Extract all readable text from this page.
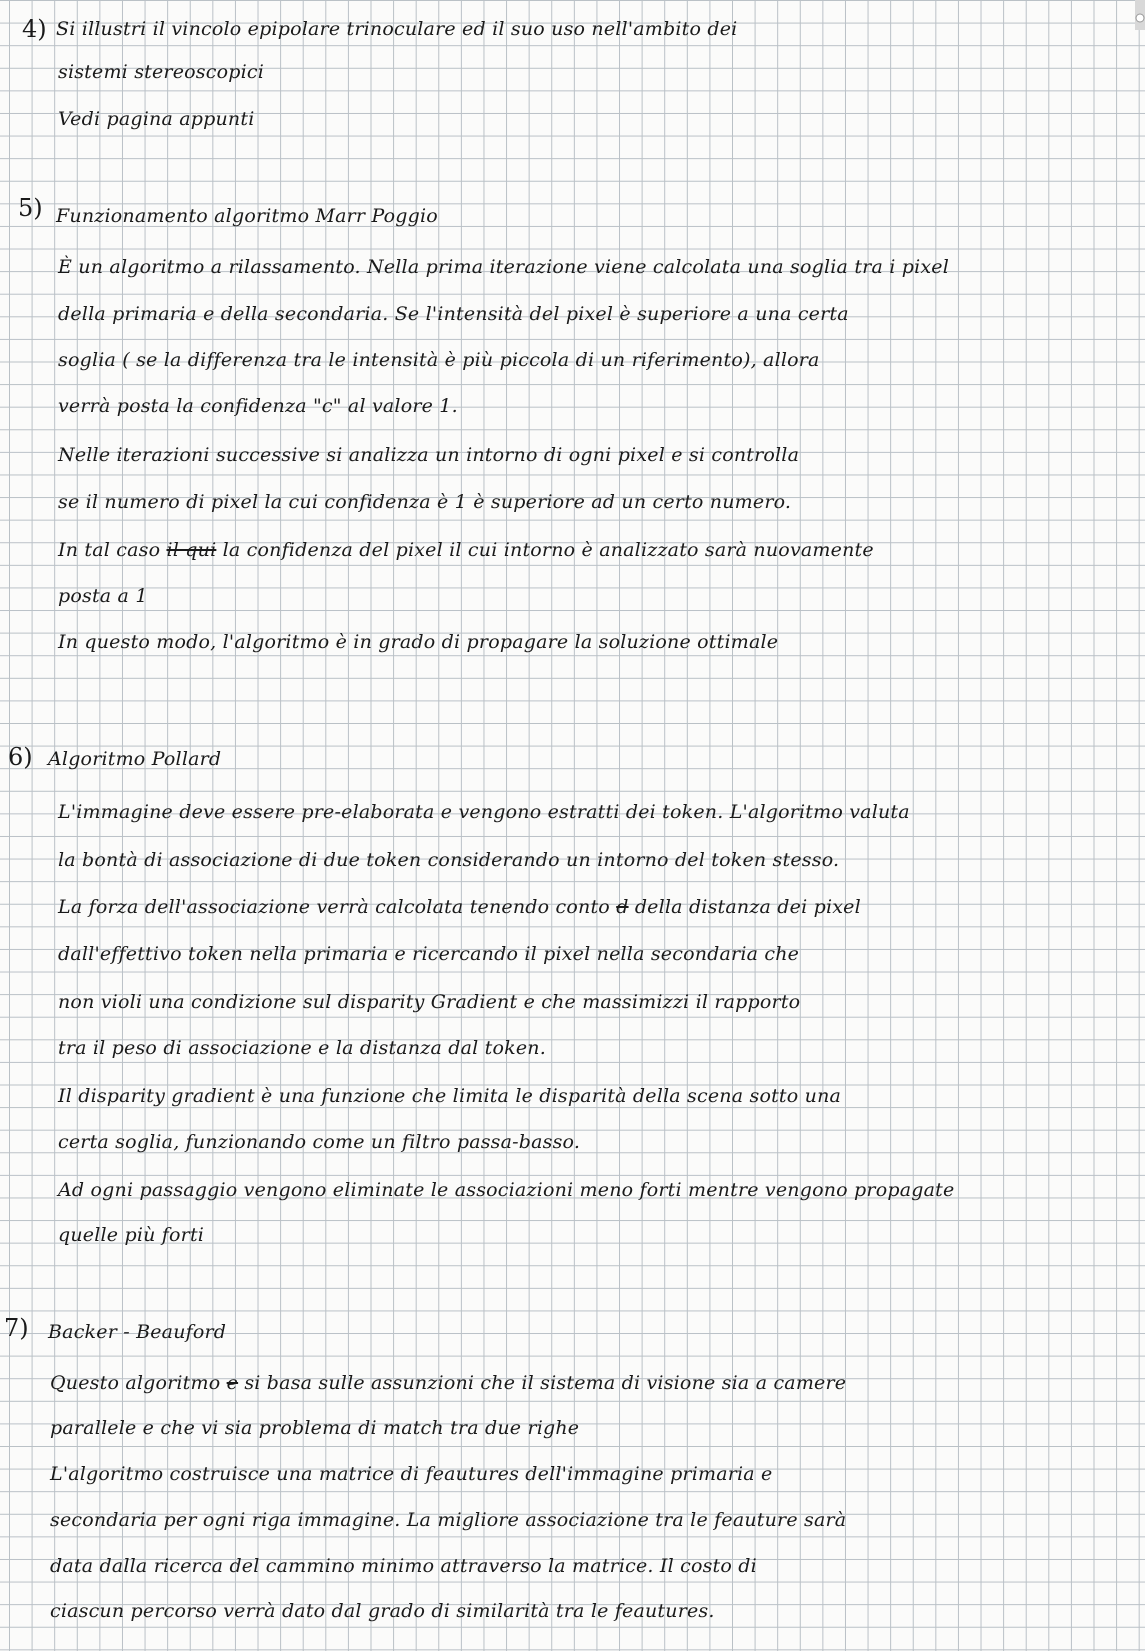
4) Si illustri il vincolo epipolare trinoculare ed il suo uso nell'ambito dei
sistemi stereoscopici
Vedi pagina appunti
5) Funzionamento algoritmo Marr Poggio
È un algoritmo a rilassamento. Nella prima iterazione viene calcolata una soglia tra i pixel
della primaria e della secondaria. Se l'intensità del pixel è superiore a una certa
soglia ( se la differenza tra le intensità è più piccola di un riferimento), allora
verrà posta la confidenza "c" al valore 1.
Nelle iterazioni successive si analizza un intorno di ogni pixel e si controlla
se il numero di pixel la cui confidenza è 1 è superiore ad un certo numero.
In tal caso il qui la confidenza del pixel il cui intorno è analizzato sarà nuovamente
posta a 1
In questo modo, l'algoritmo è in grado di propagare la soluzione ottimale
6) Algoritmo Pollard
L'immagine deve essere pre-elaborata e vengono estratti dei token. L'algoritmo valuta
la bontà di associazione di due token considerando un intorno del token stesso.
La forza dell'associazione verrà calcolata tenendo conto d della distanza dei pixel
dall'effettivo token nella primaria e ricercando il pixel nella secondaria che
non violi una condizione sul disparity Gradient e che massimizzi il rapporto
tra il peso di associazione e la distanza dal token.
Il disparity gradient è una funzione che limita le disparità della scena sotto una
certa soglia, funzionando come un filtro passa-basso.
Ad ogni passaggio vengono eliminate le associazioni meno forti mentre vengono propagate
quelle più forti
7) Backer - Beauford
Questo algoritmo e si basa sulle assunzioni che il sistema di visione sia a camere
parallele e che vi sia problema di match tra due righe
L'algoritmo costruisce una matrice di feautures dell'immagine primaria e
secondaria per ogni riga immagine. La migliore associazione tra le feauture sarà
data dalla ricerca del cammino minimo attraverso la matrice. Il costo di
ciascun percorso verrà dato dal grado di similarità tra le feautures.
